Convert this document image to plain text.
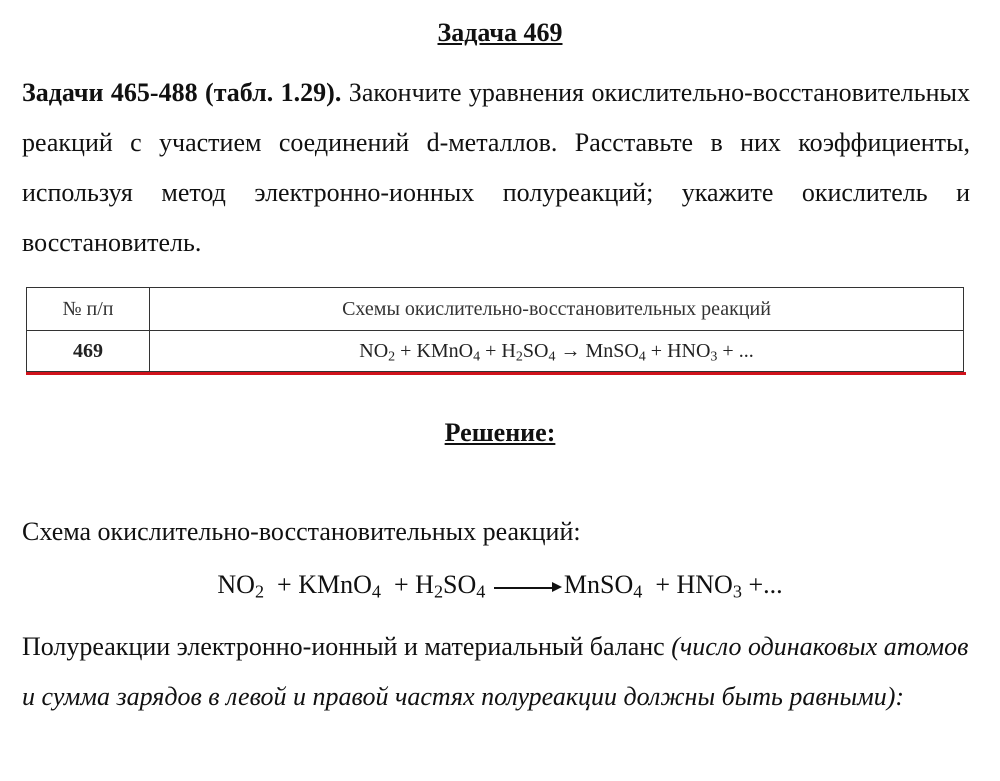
Задача 469
Задачи 465-488 (табл. 1.29). Закончите уравнения окислительно-восстановительных реакций с участием соединений d-металлов. Расставьте в них коэффициенты, используя метод электронно-ионных полуреакций; укажите окислитель и восстановитель.
№ п/п	Схемы окислительно-восстановительных реакций
469	$NO_2$ + KMnO$_4$ + $H_2SO_4$ → MnSO$_4$ + $HNO_3$ + ...
Решение:
Схема окислительно-восстановительных реакций:
$NO_2$  + KMnO$_4$  + $H_2SO_4$	MnSO$_4$  + $HNO_3$ +...
Полуреакции электронно-ионный и материальный баланс (число одинаковых атомов и сумма зарядов в левой и правой частях полуреакции должны быть равными):
